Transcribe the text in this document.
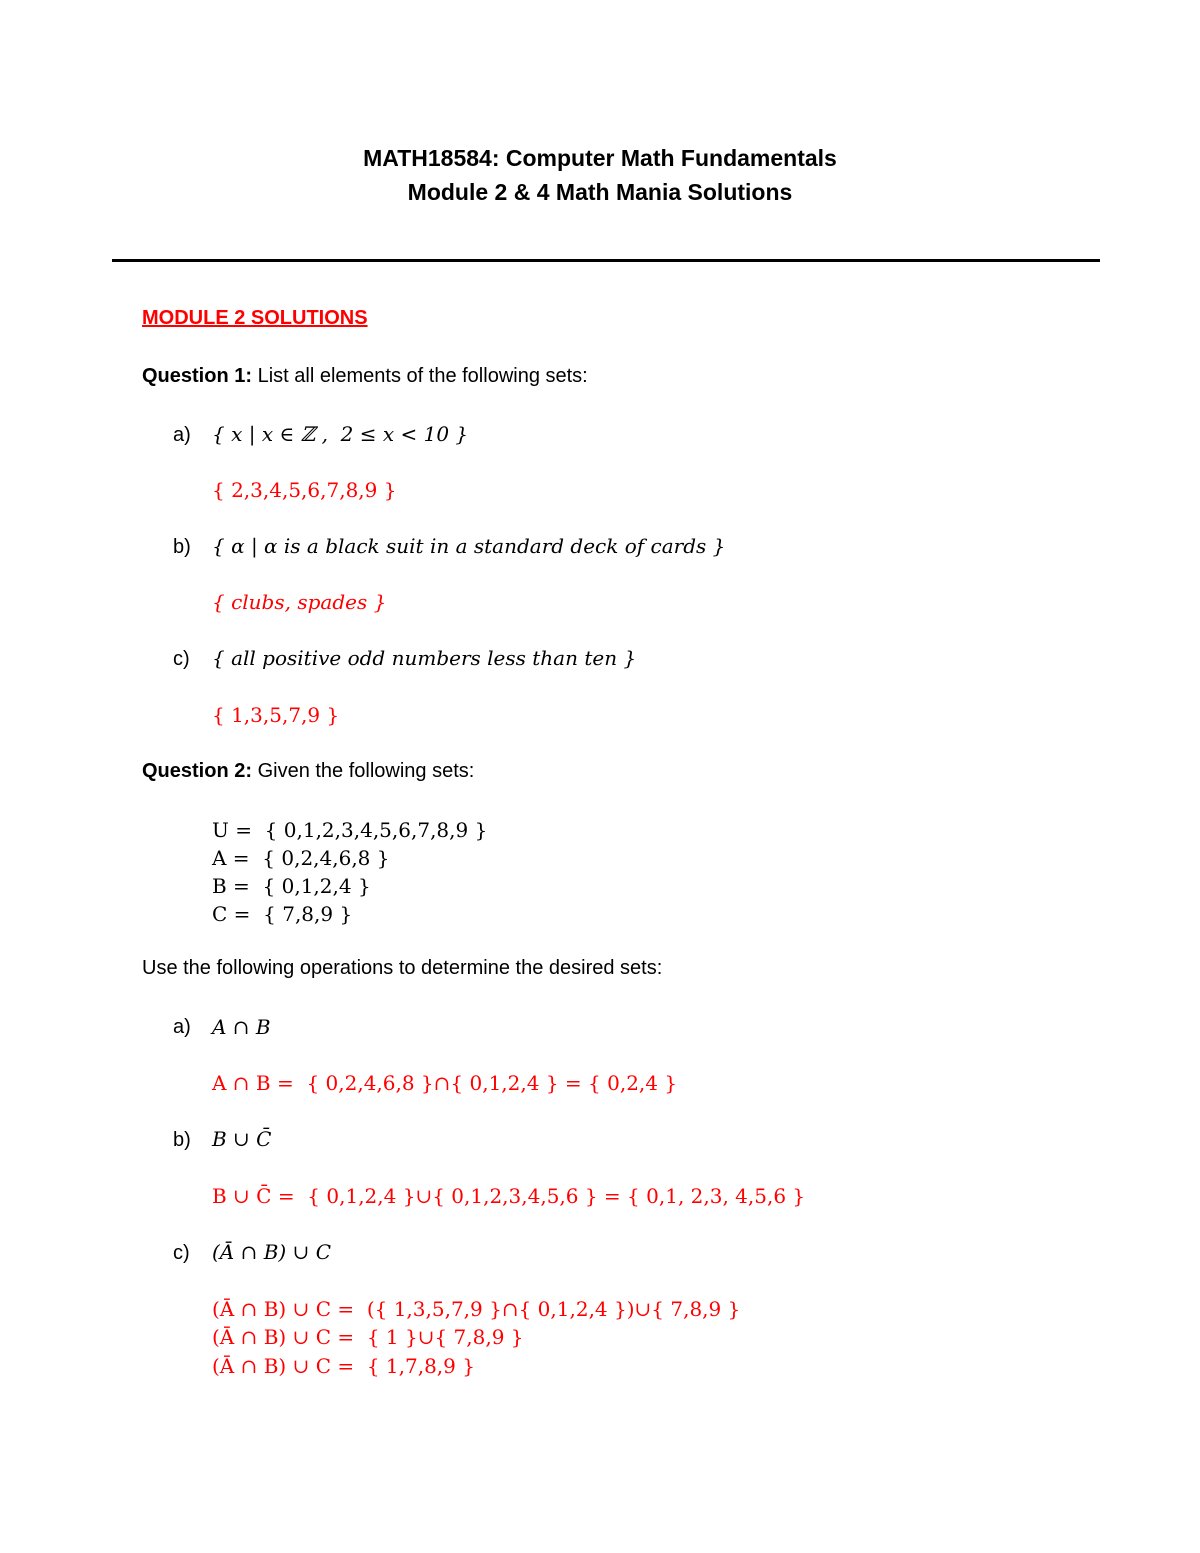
MATH18584: Computer Math Fundamentals
Module 2 & 4 Math Mania Solutions
MODULE 2 SOLUTIONS
Question 1: List all elements of the following sets:
a) { x | x ∈ ℤ ,  2 ≤ x < 10 }
{ 2,3,4,5,6,7,8,9 }
b) { α | α is a black suit in a standard deck of cards }
{ clubs, spades }
c) { all positive odd numbers less than ten }
{ 1,3,5,7,9 }
Question 2: Given the following sets:
U =  { 0,1,2,3,4,5,6,7,8,9 }
A =  { 0,2,4,6,8 }
B =  { 0,1,2,4 }
C =  { 7,8,9 }
Use the following operations to determine the desired sets:
a) A ∩ B
A ∩ B =  { 0,2,4,6,8 }∩{ 0,1,2,4 } = { 0,2,4 }
b) B ∪ C̄
B ∪ C̄ =  { 0,1,2,4 }∪{ 0,1,2,3,4,5,6 } = { 0,1, 2,3, 4,5,6 }
c) (Ā ∩ B) ∪ C
(Ā ∩ B) ∪ C =  ({ 1,3,5,7,9 }∩{ 0,1,2,4 })∪{ 7,8,9 }
(Ā ∩ B) ∪ C =  { 1 }∪{ 7,8,9 }
(Ā ∩ B) ∪ C =  { 1,7,8,9 }
